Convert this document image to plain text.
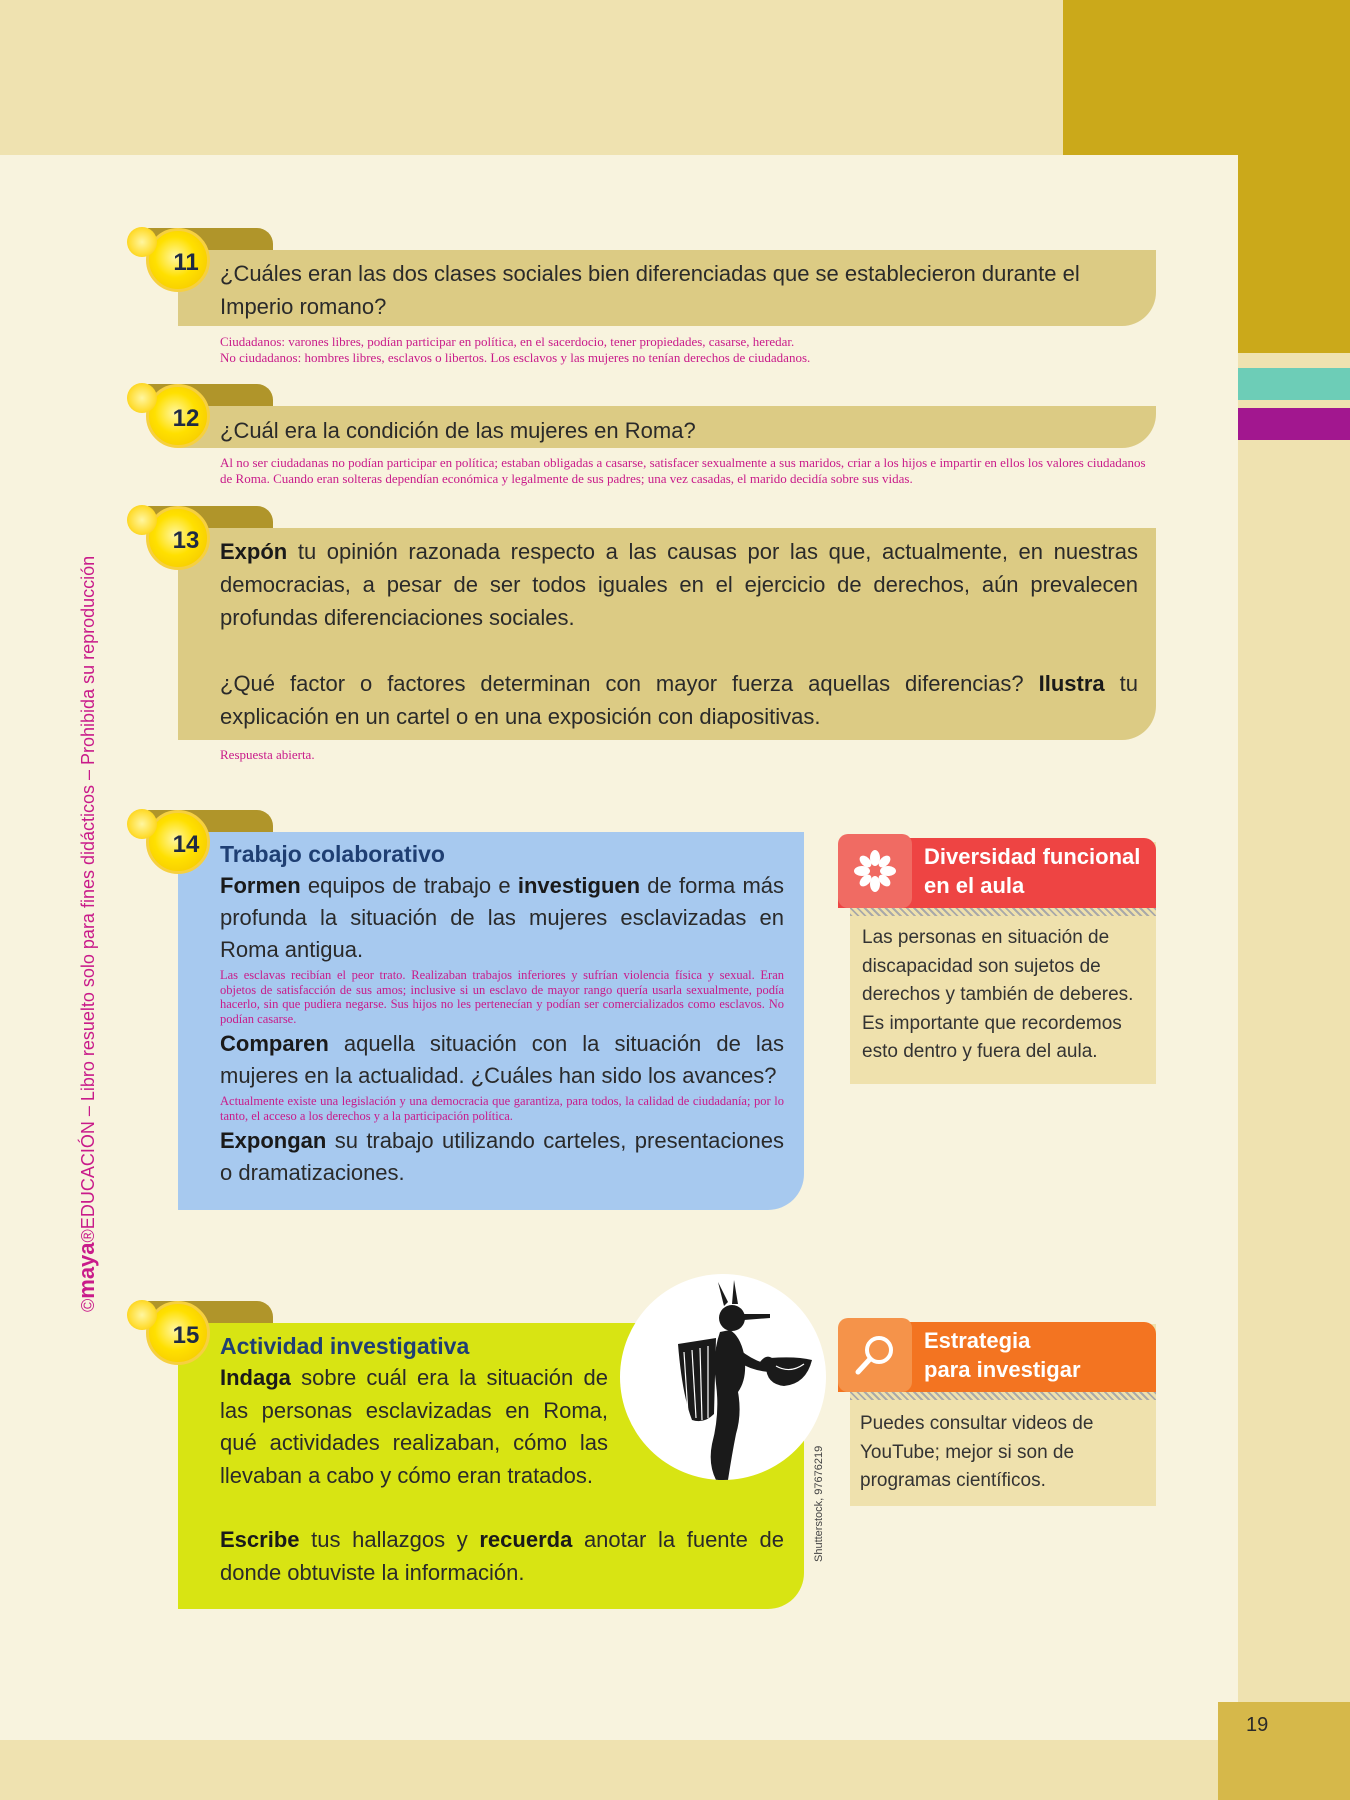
19
©maya®EDUCACIÓN – Libro resuelto solo para fines didácticos – Prohibida su reproducción
11 ¿Cuáles eran las dos clases sociales bien diferenciadas que se establecieron durante el Imperio romano?
Ciudadanos: varones libres, podían participar en política, en el sacerdocio, tener propiedades, casarse, heredar.
No ciudadanos: hombres libres, esclavos o libertos. Los esclavos y las mujeres no tenían derechos de ciudadanos.
12 ¿Cuál era la condición de las mujeres en Roma?
Al no ser ciudadanas no podían participar en política; estaban obligadas a casarse, satisfacer sexualmente a sus maridos, criar a los hijos e impartir en ellos los valores ciudadanos de Roma. Cuando eran solteras dependían económica y legalmente de sus padres; una vez casadas, el marido decidía sobre sus vidas.
13 Expón tu opinión razonada respecto a las causas por las que, actualmente, en nuestras democracias, a pesar de ser todos iguales en el ejercicio de derechos, aún prevalecen profundas diferenciaciones sociales.

¿Qué factor o factores determinan con mayor fuerza aquellas diferencias? Ilustra tu explicación en un cartel o en una exposición con diapositivas.

Respuesta abierta.
14 Trabajo colaborativo
Formen equipos de trabajo e investiguen de forma más profunda la situación de las mujeres esclavizadas en Roma antigua.
Las esclavas recibían el peor trato. Realizaban trabajos inferiores y sufrían violencia física y sexual. Eran objetos de satisfacción de sus amos; inclusive si un esclavo de mayor rango quería usarla sexualmente, podía hacerlo, sin que pudiera negarse. Sus hijos no les pertenecían y podían ser comercializados como esclavos. No podían casarse.
Comparen aquella situación con la situación de las mujeres en la actualidad. ¿Cuáles han sido los avances?
Actualmente existe una legislación y una democracia que garantiza, para todos, la calidad de ciudadanía; por lo tanto, el acceso a los derechos y a la participación política.
Expongan su trabajo utilizando carteles, presentaciones o dramatizaciones.
Diversidad funcional
en el aula
Las personas en situación de discapacidad son sujetos de derechos y también de deberes. Es importante que recordemos esto dentro y fuera del aula.
15 Actividad investigativa
Indaga sobre cuál era la situación de las personas esclavizadas en Roma, qué actividades realizaban, cómo las llevaban a cabo y cómo eran tratados.
Escribe tus hallazgos y recuerda anotar la fuente de donde obtuviste la información.
Shutterstock, 97676219
Estrategia
para investigar
Puedes consultar videos de YouTube; mejor si son de programas científicos.
